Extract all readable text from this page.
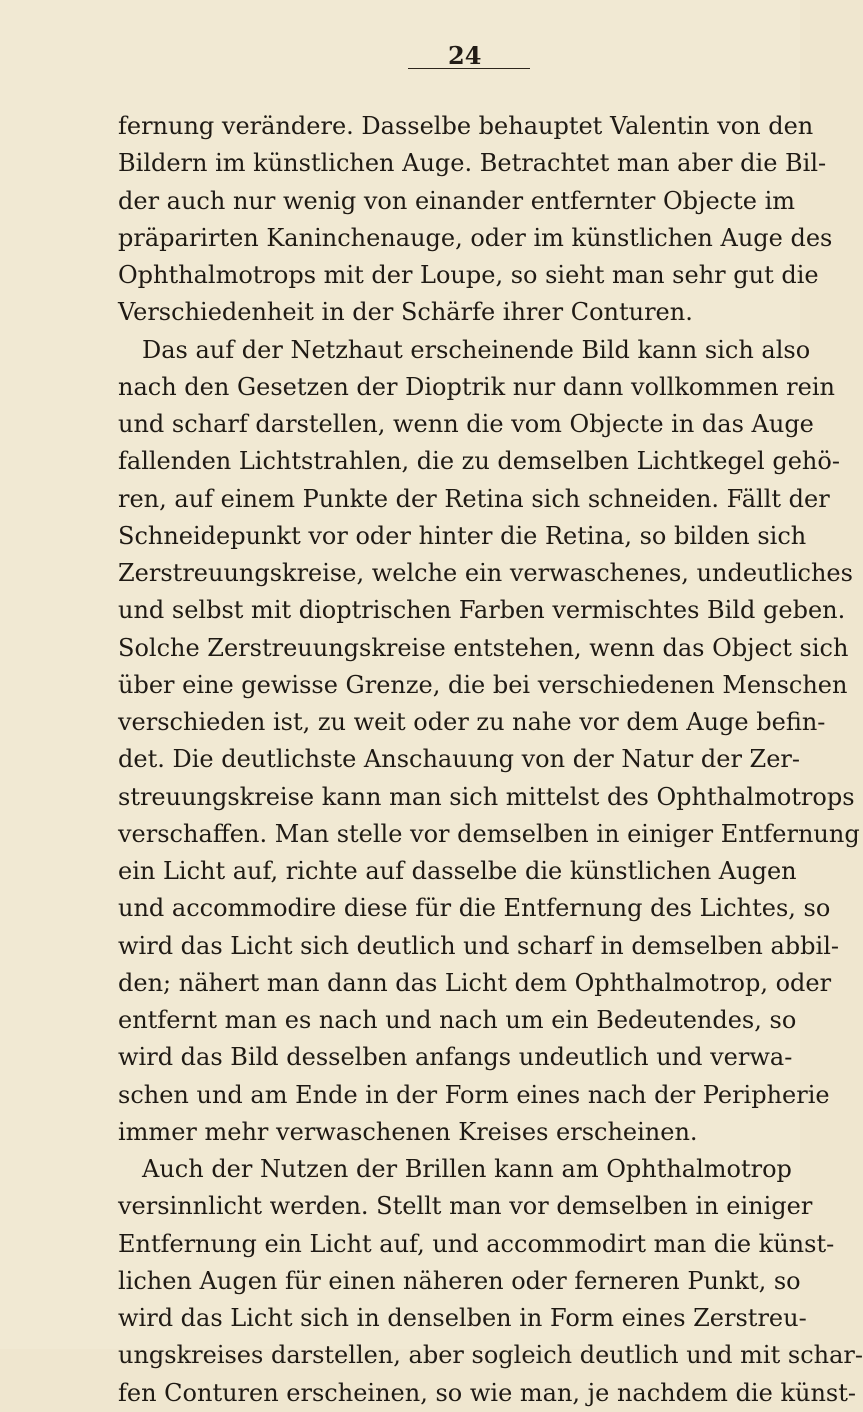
24
fernung verändere. Dasselbe behauptet Valentin von den
Bildern im künstlichen Auge. Betrachtet man aber die Bil-
der auch nur wenig von einander entfernter Objecte im
präparirten Kaninchenauge, oder im künstlichen Auge des
Ophthalmotrops mit der Loupe, so sieht man sehr gut die
Verschiedenheit in der Schärfe ihrer Conturen.
Das auf der Netzhaut erscheinende Bild kann sich also
nach den Gesetzen der Dioptrik nur dann vollkommen rein
und scharf darstellen, wenn die vom Objecte in das Auge
fallenden Lichtstrahlen, die zu demselben Lichtkegel gehö-
ren, auf einem Punkte der Retina sich schneiden. Fällt der
Schneidepunkt vor oder hinter die Retina, so bilden sich
Zerstreuungskreise, welche ein verwaschenes, undeutliches
und selbst mit dioptrischen Farben vermischtes Bild geben.
Solche Zerstreuungskreise entstehen, wenn das Object sich
über eine gewisse Grenze, die bei verschiedenen Menschen
verschieden ist, zu weit oder zu nahe vor dem Auge befin-
det. Die deutlichste Anschauung von der Natur der Zer-
streuungskreise kann man sich mittelst des Ophthalmotrops
verschaffen. Man stelle vor demselben in einiger Entfernung
ein Licht auf, richte auf dasselbe die künstlichen Augen
und accommodire diese für die Entfernung des Lichtes, so
wird das Licht sich deutlich und scharf in demselben abbil-
den; nähert man dann das Licht dem Ophthalmotrop, oder
entfernt man es nach und nach um ein Bedeutendes, so
wird das Bild desselben anfangs undeutlich und verwa-
schen und am Ende in der Form eines nach der Peripherie
immer mehr verwaschenen Kreises erscheinen.
Auch der Nutzen der Brillen kann am Ophthalmotrop
versinnlicht werden. Stellt man vor demselben in einiger
Entfernung ein Licht auf, und accommodirt man die künst-
lichen Augen für einen näheren oder ferneren Punkt, so
wird das Licht sich in denselben in Form eines Zerstreu-
ungskreises darstellen, aber sogleich deutlich und mit schar-
fen Conturen erscheinen, so wie man, je nachdem die künst-
